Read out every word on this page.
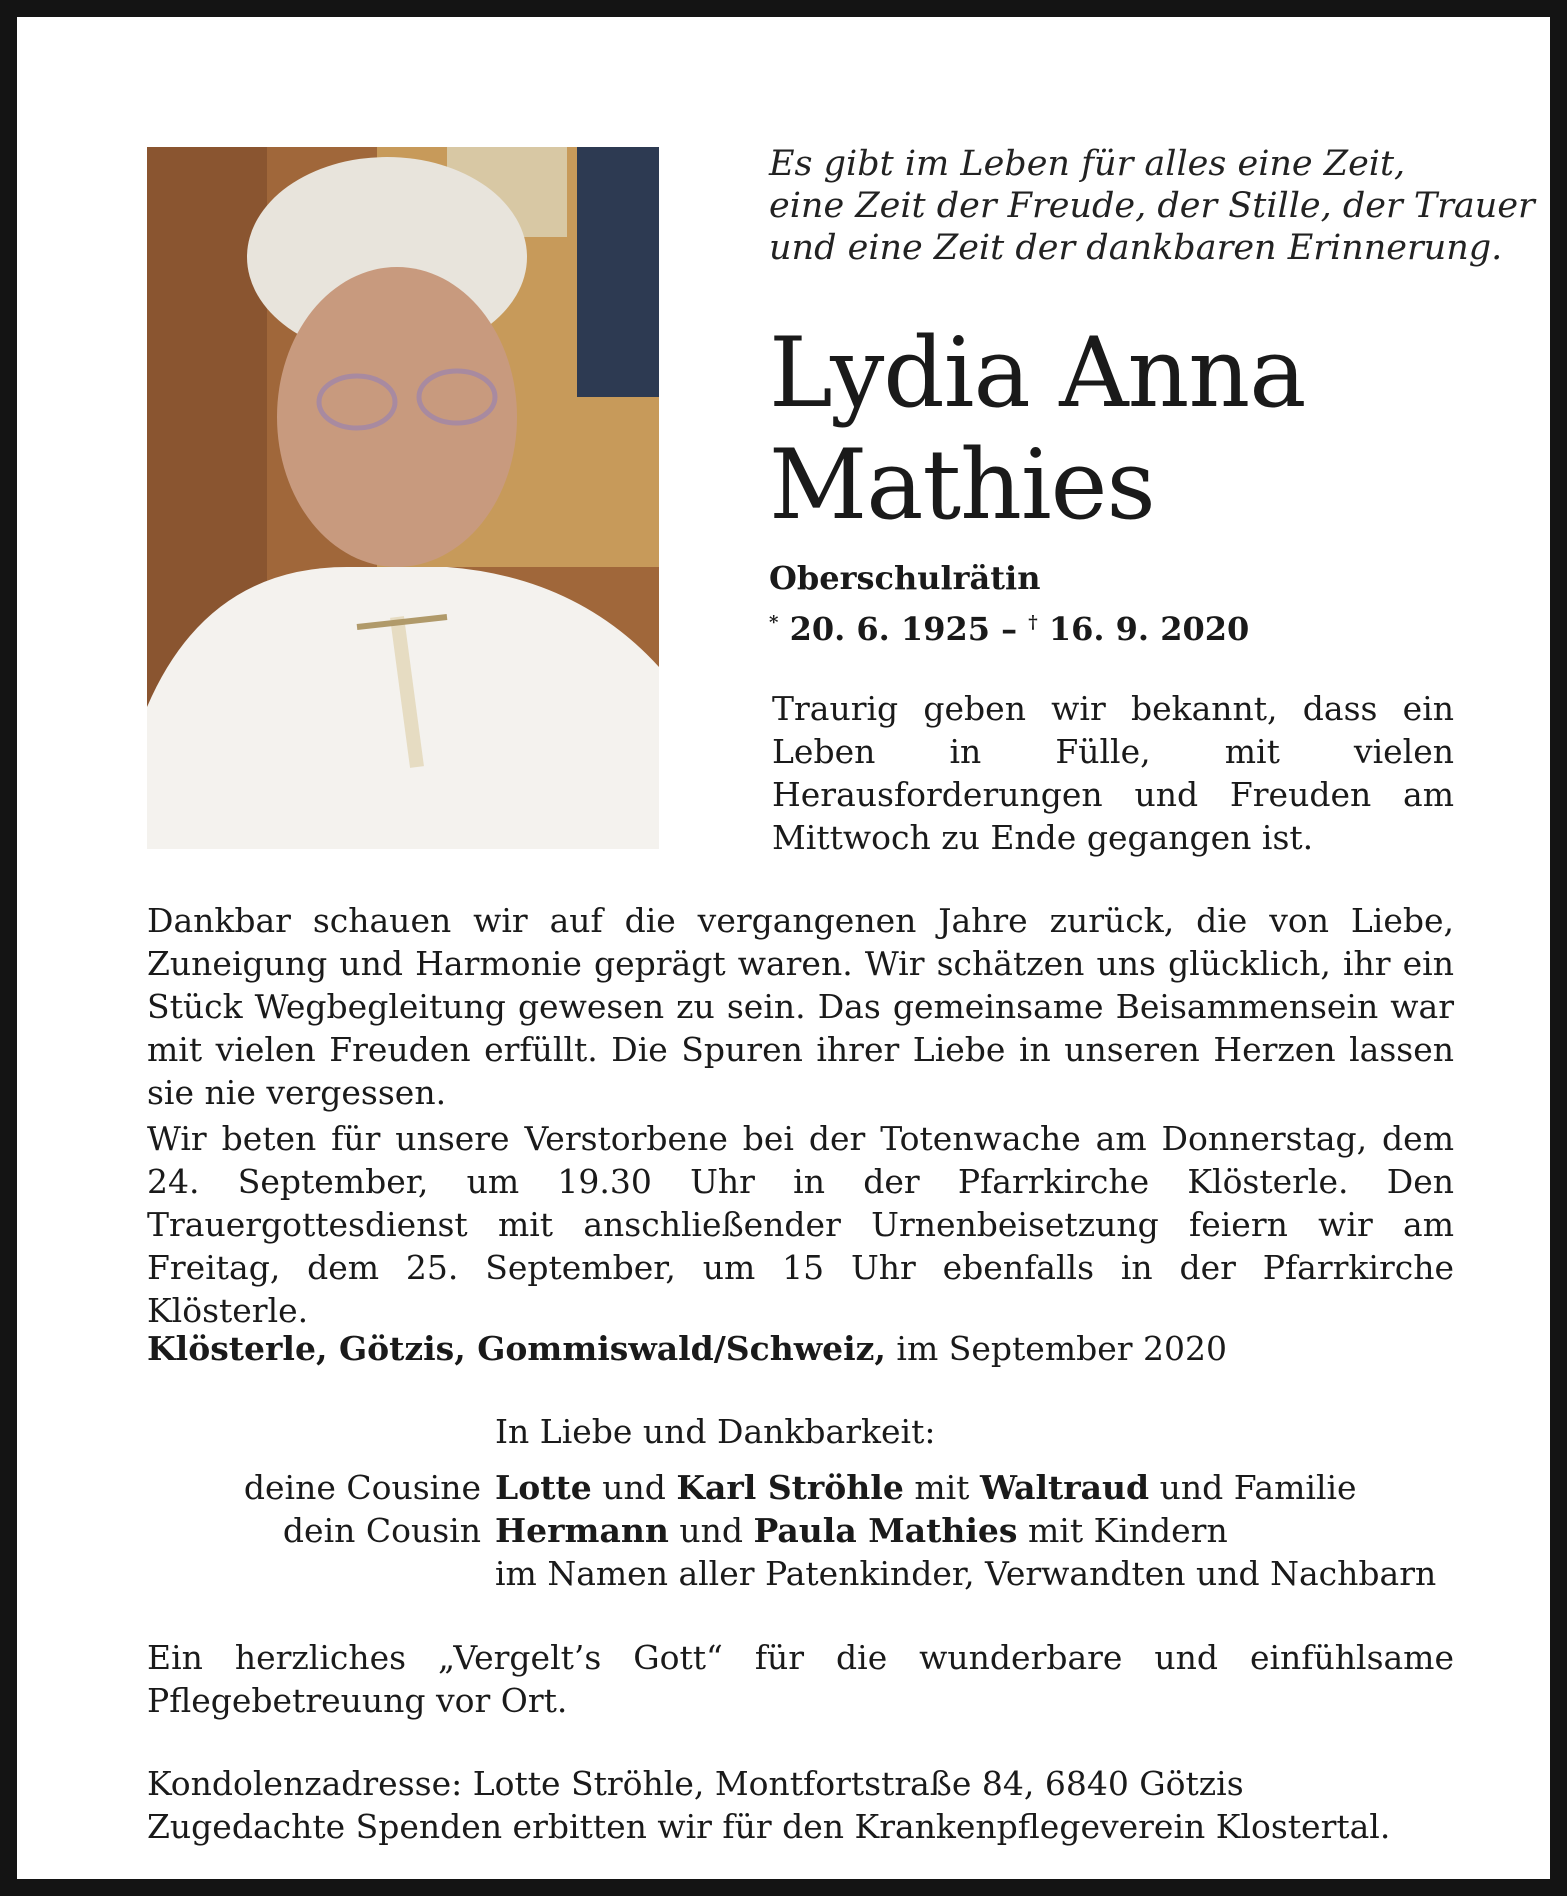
Es gibt im Leben für alles eine Zeit,
eine Zeit der Freude, der Stille, der Trauer
und eine Zeit der dankbaren Erinnerung.
Lydia Anna
Mathies
Oberschulrätin
* 20. 6. 1925 – † 16. 9. 2020
Traurig geben wir bekannt, dass ein Leben in Fülle, mit vielen Herausforderungen und Freuden am Mittwoch zu Ende gegangen ist.
Dankbar schauen wir auf die vergangenen Jahre zurück, die von Liebe, Zuneigung und Harmonie geprägt waren. Wir schätzen uns glücklich, ihr ein Stück Wegbegleitung gewesen zu sein. Das gemeinsame Beisammensein war mit vielen Freuden erfüllt. Die Spuren ihrer Liebe in unseren Herzen lassen sie nie vergessen.
Wir beten für unsere Verstorbene bei der Totenwache am Donnerstag, dem 24. September, um 19.30 Uhr in der Pfarrkirche Klösterle. Den Trauergottesdienst mit anschließender Urnenbeisetzung feiern wir am Freitag, dem 25. September, um 15 Uhr ebenfalls in der Pfarrkirche Klösterle.
Klösterle, Götzis, Gommiswald/Schweiz, im September 2020
In Liebe und Dankbarkeit:
deine Cousine Lotte und Karl Ströhle mit Waltraud und Familie
dein Cousin Hermann und Paula Mathies mit Kindern
im Namen aller Patenkinder, Verwandten und Nachbarn
Ein herzliches „Vergelt’s Gott“ für die wunderbare und einfühlsame Pflegebetreuung vor Ort.
Kondolenzadresse: Lotte Ströhle, Montfortstraße 84, 6840 Götzis
Zugedachte Spenden erbitten wir für den Krankenpflegeverein Klostertal.
